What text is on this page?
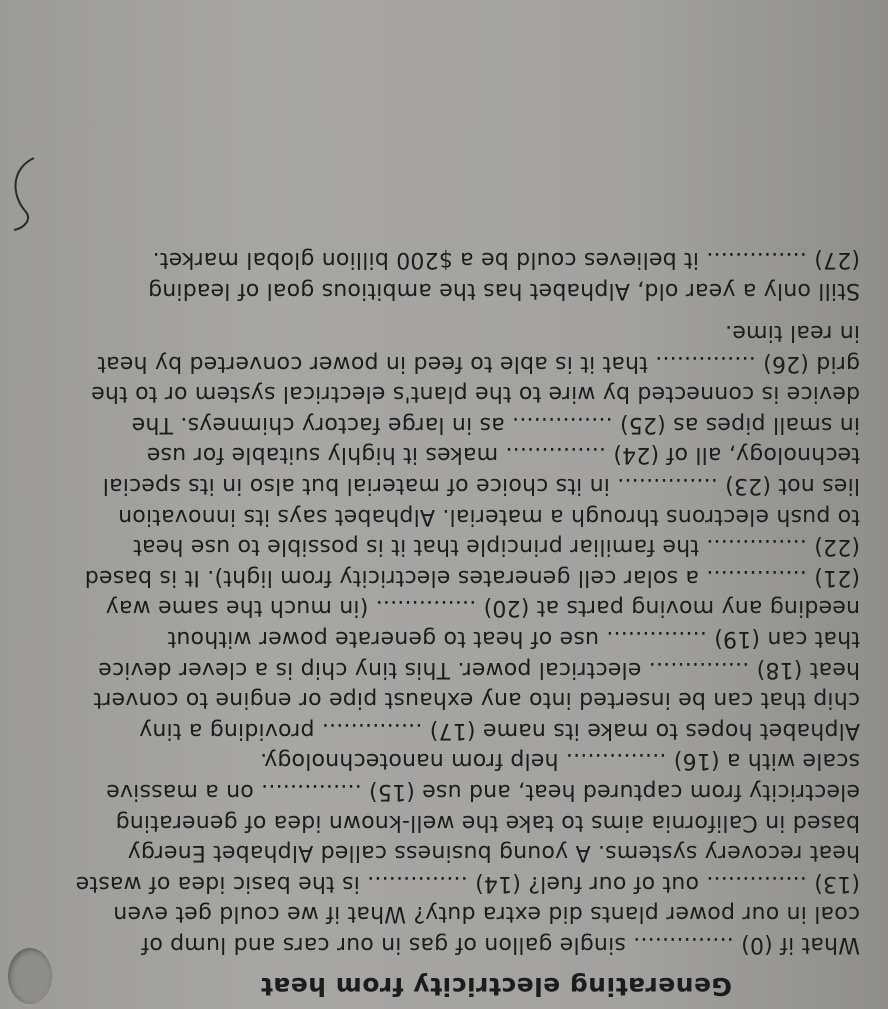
Generating electricity from heat
What if (0) .............. single gallon of gas in our cars and lump of
coal in our power plants did extra duty? What if we could get even
(13) .............. out of our fuel? (14) .............. is the basic idea of waste
heat recovery systems. A young business called Alphabet Energy
based in California aims to take the well-known idea of generating
electricity from captured heat, and use (15) .............. on a massive
scale with a (16) .............. help from nanotechnology.
Alphabet hopes to make its name (17) .............. providing a tiny
chip that can be inserted into any exhaust pipe or engine to convert
heat (18) .............. electrical power. This tiny chip is a clever device
that can (19) .............. use of heat to generate power without
needing any moving parts at (20) .............. (in much the same way
(21) .............. a solar cell generates electricity from light). It is based
(22) .............. the familiar principle that it is possible to use heat
to push electrons through a material. Alphabet says its innovation
lies not (23) .............. in its choice of material but also in its special
technology, all of (24) .............. makes it highly suitable for use
in small pipes as (25) .............. as in large factory chimneys. The
device is connected by wire to the plant's electrical system or to the
grid (26) .............. that it is able to feed in power converted by heat
in real time.
Still only a year old, Alphabet has the ambitious goal of leading
(27) .............. it believes could be a $200 billion global market.
